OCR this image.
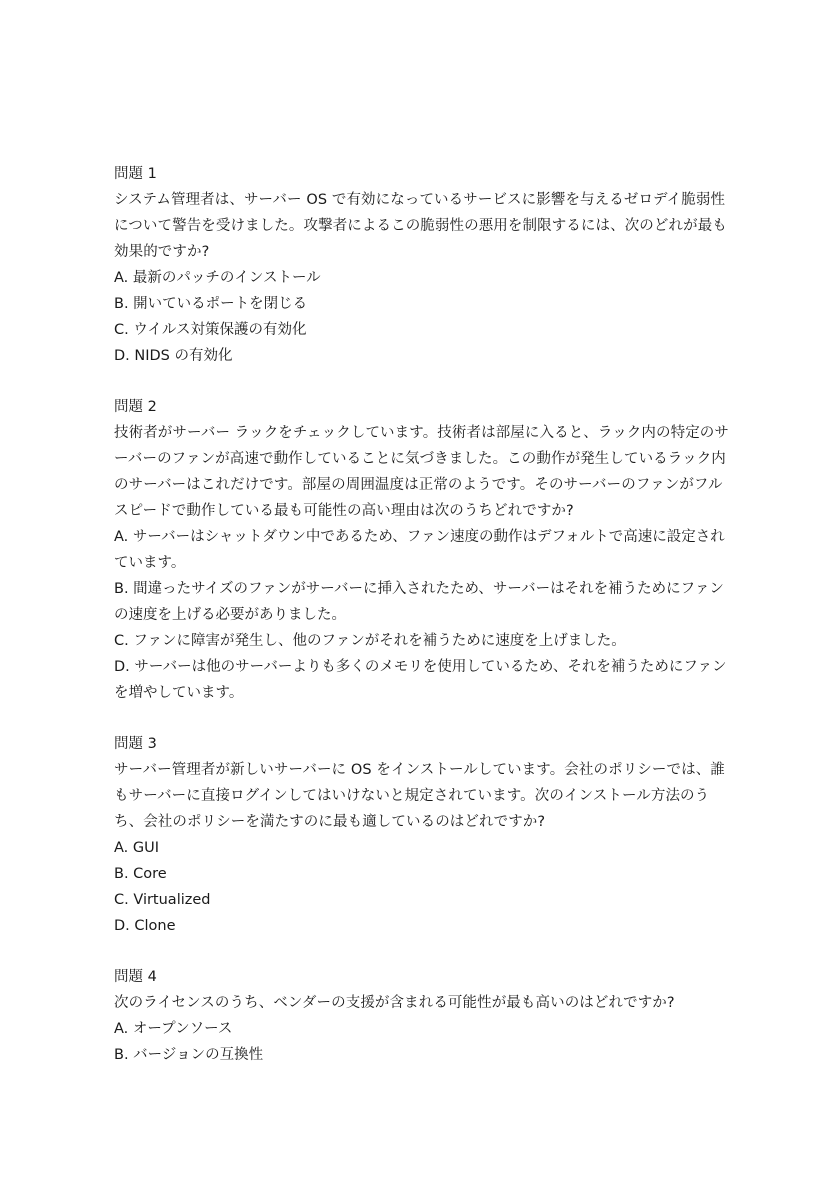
問題 1

システム管理者は、サーバー OS で有効になっているサービスに影響を与えるゼロデイ脆弱性について警告を受けました。攻撃者によるこの脆弱性の悪用を制限するには、次のどれが最も効果的ですか?

A. 最新のパッチのインストール
B. 開いているポートを閉じる
C. ウイルス対策保護の有効化
D. NIDS の有効化

問題 2

技術者がサーバー ラックをチェックしています。技術者は部屋に入ると、ラック内の特定のサーバーのファンが高速で動作していることに気づきました。この動作が発生しているラック内のサーバーはこれだけです。部屋の周囲温度は正常のようです。そのサーバーのファンがフルスピードで動作している最も可能性の高い理由は次のうちどれですか?

A. サーバーはシャットダウン中であるため、ファン速度の動作はデフォルトで高速に設定されています。
B. 間違ったサイズのファンがサーバーに挿入されたため、サーバーはそれを補うためにファンの速度を上げる必要がありました。
C. ファンに障害が発生し、他のファンがそれを補うために速度を上げました。
D. サーバーは他のサーバーよりも多くのメモリを使用しているため、それを補うためにファンを増やしています。

問題 3

サーバー管理者が新しいサーバーに OS をインストールしています。会社のポリシーでは、誰もサーバーに直接ログインしてはいけないと規定されています。次のインストール方法のうち、会社のポリシーを満たすのに最も適しているのはどれですか?

A. GUI
B. Core
C. Virtualized
D. Clone

問題 4

次のライセンスのうち、ベンダーの支援が含まれる可能性が最も高いのはどれですか?

A. オープンソース
B. バージョンの互換性
